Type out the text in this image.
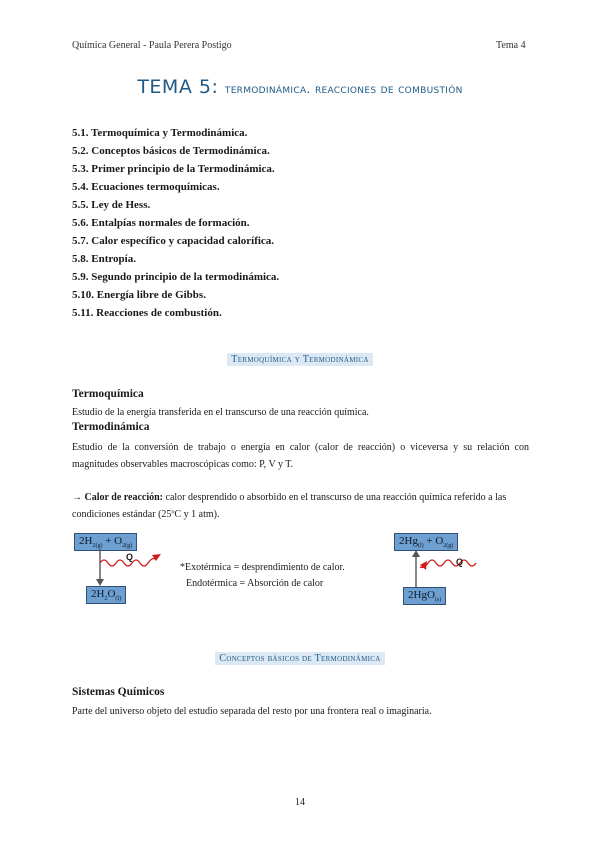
Química General - Paula Perera Postigo	Tema 4
TEMA 5: termodinámica. reacciones de combustión
5.1. Termoquímica y Termodinámica.
5.2. Conceptos básicos de Termodinámica.
5.3. Primer principio de la Termodinámica.
5.4. Ecuaciones termoquímicas.
5.5. Ley de Hess.
5.6. Entalpías normales de formación.
5.7. Calor específico y capacidad calorífica.
5.8. Entropía.
5.9. Segundo principio de la termodinámica.
5.10. Energía libre de Gibbs.
5.11. Reacciones de combustión.
Termoquímica y Termodinámica
Termoquímica
Estudio de la energía transferida en el transcurso de una reacción química.
Termodinámica
Estudio de la conversión de trabajo o energía en calor (calor de reacción) o viceversa y su relación con magnitudes observables macroscópicas como: P, V y T.
→ Calor de reacción: calor desprendido o absorbido en el transcurso de una reacción química referido a las condiciones estándar (25ºC y 1 atm).
$2H_{2(g)} + O_{2(g)}$
$2H_2O_{(l)}$
Q
*Exotérmica = desprendimiento de calor.
Endotérmica = Absorción de calor
$2Hg_{(l)} + O_{2(g)}$
2HgO$_{(s)}$
Q
Conceptos básicos de Termodinámica
Sistemas Químicos
Parte del universo objeto del estudio separada del resto por una frontera real o imaginaria.
14
